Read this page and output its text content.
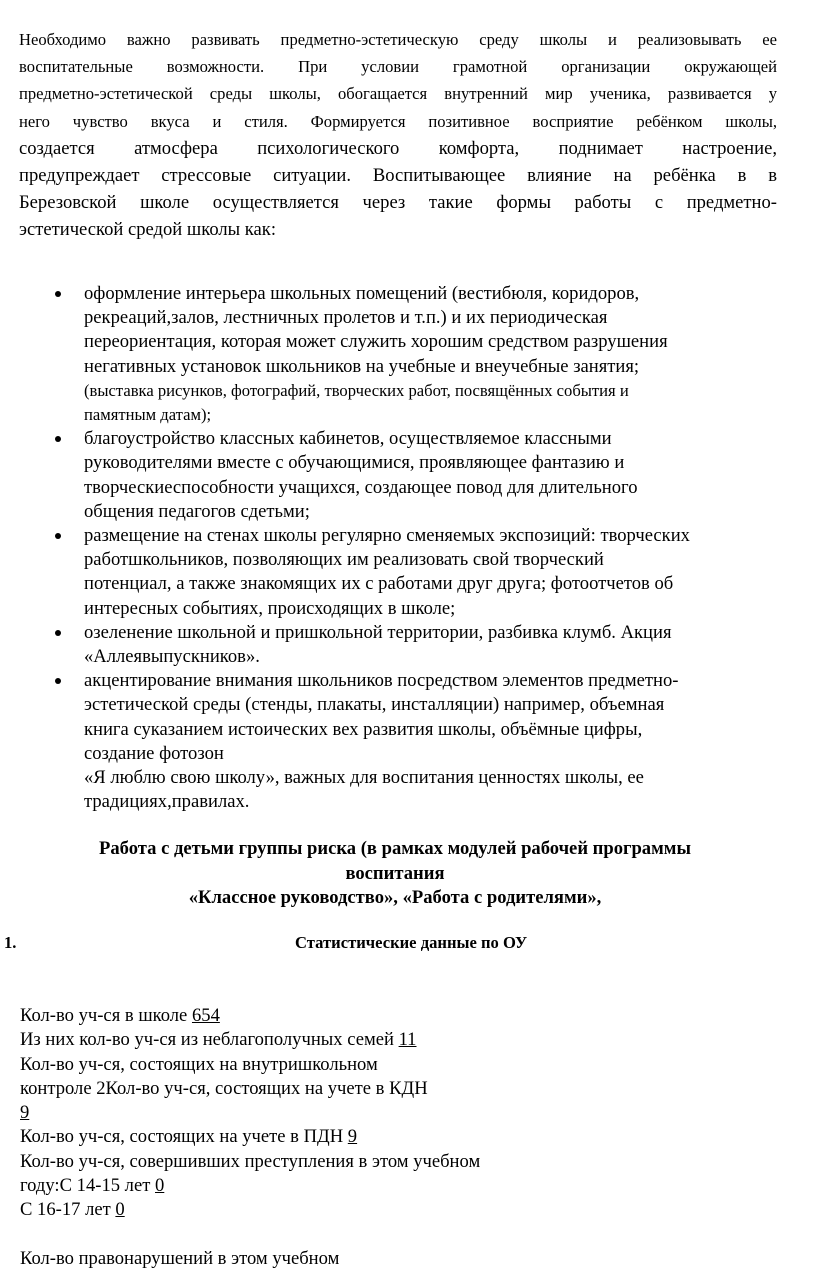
Необходимо важно развивать предметно-эстетическую среду школы и реализовывать ее
воспитательные возможности. При условии грамотной организации окружающей
предметно-эстетической среды школы, обогащается внутренний мир ученика, развивается у
него чувство вкуса и стиля. Формируется позитивное восприятие ребёнком школы,
создается атмосфера психологического комфорта, поднимает настроение,
предупреждает стрессовые ситуации. Воспитывающее влияние на ребёнка в в
Березовской школе осуществляется через такие формы работы с предметно-
эстетической средой школы как:

оформление интерьера школьных помещений (вестибюля, коридоров,
рекреаций,залов, лестничных пролетов и т.п.) и их периодическая
переориентация, которая может служить хорошим средством разрушения
негативных установок школьников на учебные и внеучебные занятия;
(выставка рисунков, фотографий, творческих работ, посвящённых события и
памятным датам);
благоустройство классных кабинетов, осуществляемое классными
руководителями вместе с обучающимися, проявляющее фантазию и
творческиеспособности учащихся, создающее повод для длительного
общения педагогов сдетьми;
размещение на стенах школы регулярно сменяемых экспозиций: творческих
работшкольников, позволяющих им реализовать свой творческий
потенциал, а также знакомящих их с работами друг друга; фотоотчетов об
интересных событиях, происходящих в школе;
озеленение школьной и пришкольной территории, разбивка клумб. Акция
«Аллеявыпускников».
акцентирование внимания школьников посредством элементов предметно-
эстетической среды (стенды, плакаты, инсталляции) например, объемная
книга суказанием истоических вех развития школы, объёмные цифры,
создание фотозон
«Я люблю свою школу», важных для воспитания ценностях школы, ее
традициях,правилах.
Работа с детьми группы риска (в рамках модулей рабочей программы
воспитания
«Классное руководство», «Работа с родителями»,
1.	Статистические данные по ОУ
Кол-во уч-ся в школе 654
Из них кол-во уч-ся из неблагополучных семей 11
Кол-во уч-ся, состоящих на внутришкольном
контроле 2Кол-во уч-ся, состоящих на учете в КДН
9
Кол-во уч-ся, состоящих на учете в ПДН 9
Кол-во уч-ся, совершивших преступления в этом учебном
году:С 14-15 лет 0
С 16-17 лет 0

Кол-во правонарушений в этом учебном
